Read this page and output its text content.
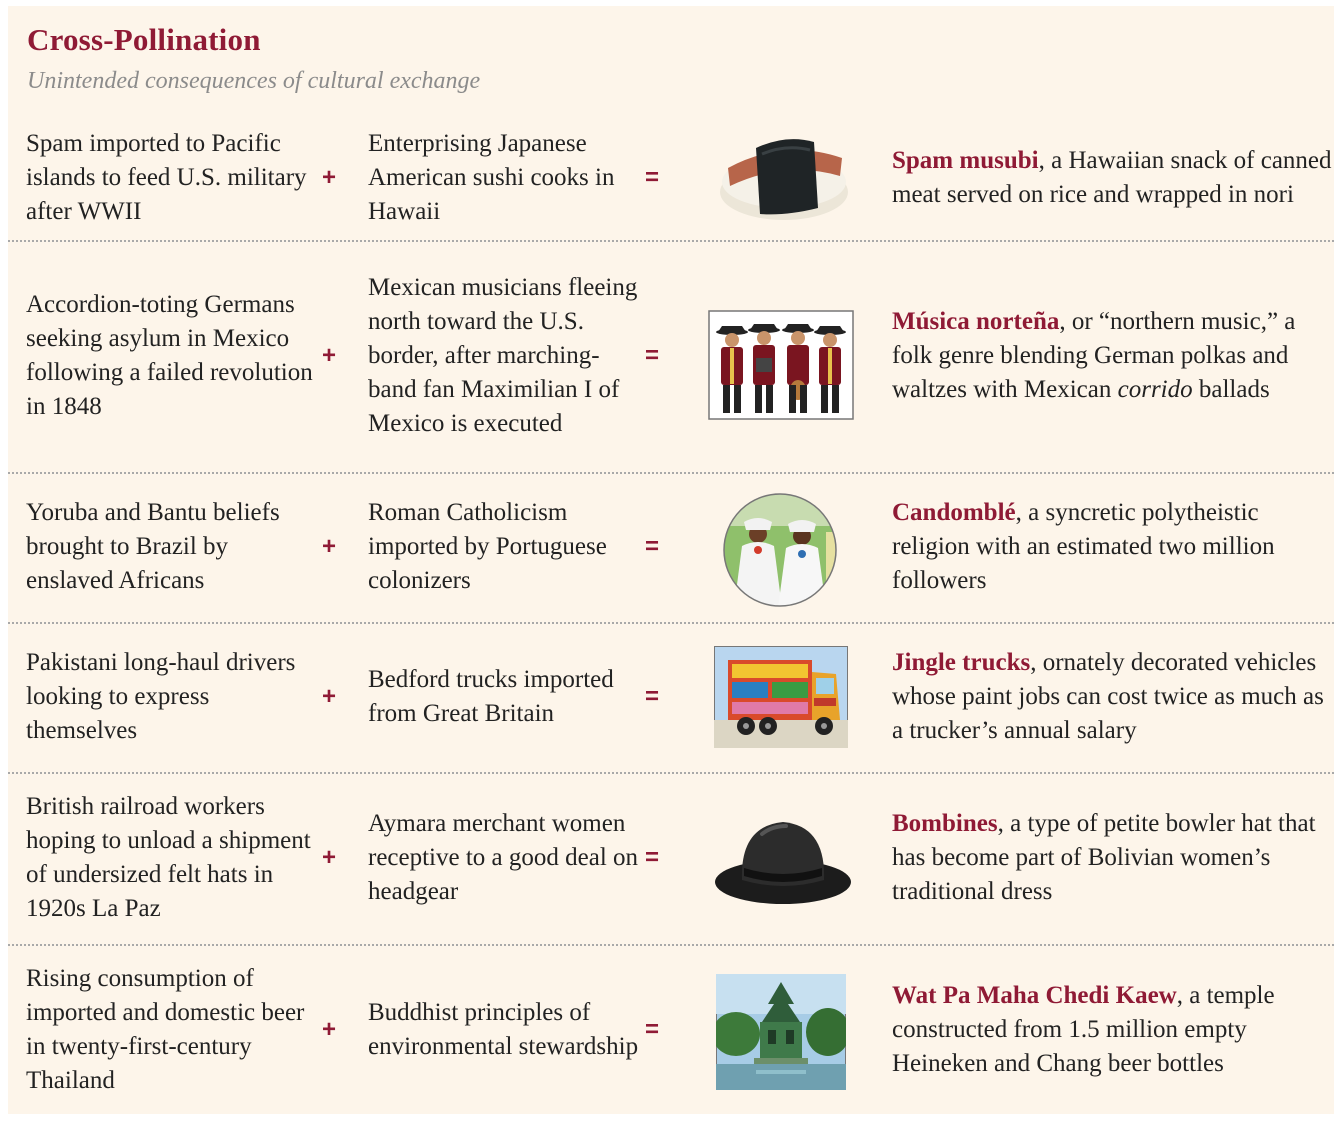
Cross-Pollination

Unintended consequences of cultural exchange

Spam imported to Pacific islands to feed U.S. military after WWII
+
Enterprising Japanese American sushi cooks in Hawaii
=
Spam musubi, a Hawaiian snack of canned meat served on rice and wrapped in nori
Accordion-toting Germans seeking asylum in Mexico following a failed revolution in 1848
+
Mexican musicians fleeing north toward the U.S. border, after marching-band fan Maximilian I of Mexico is executed
=
Música norteña, or “northern music,” a folk genre blending German polkas and waltzes with Mexican corrido ballads
Yoruba and Bantu beliefs brought to Brazil by enslaved Africans
+
Roman Catholicism imported by Portuguese colonizers
=
Candomblé, a syncretic polytheistic religion with an estimated two million followers
Pakistani long-haul drivers looking to express themselves
+
Bedford trucks imported from Great Britain
=
Jingle trucks, ornately decorated vehicles whose paint jobs can cost twice as much as a trucker’s annual salary
British railroad workers hoping to unload a shipment of undersized felt hats in 1920s La Paz
+
Aymara merchant women receptive to a good deal on headgear
=
Bombines, a type of petite bowler hat that has become part of Bolivian women’s traditional dress
Rising consumption of imported and domestic beer in twenty-first-century Thailand
+
Buddhist principles of environmental stewardship
=
Wat Pa Maha Chedi Kaew, a temple constructed from 1.5 million empty Heineken and Chang beer bottles
